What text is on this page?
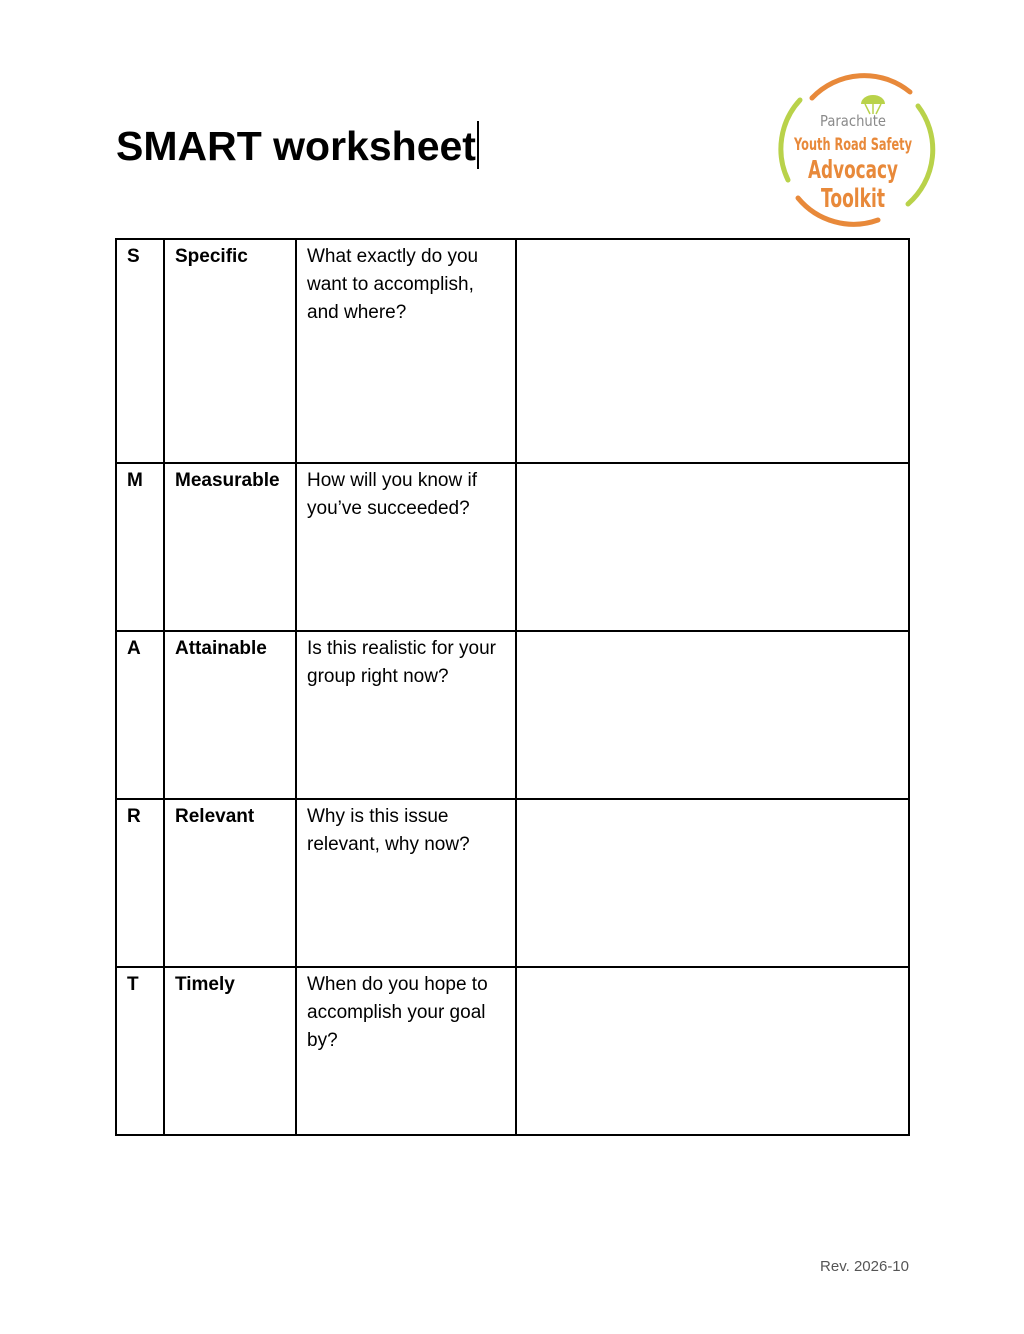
SMART worksheet
Parachute
Youth Road Safety
Advocacy
Toolkit
S	Specific	What exactly do you want to accomplish, and where?	
M	Measurable	How will you know if you’ve succeeded?	
A	Attainable	Is this realistic for your group right now?	
R	Relevant	Why is this issue relevant, why now?	
T	Timely	When do you hope to accomplish your goal by?	
Rev. 2026-10
